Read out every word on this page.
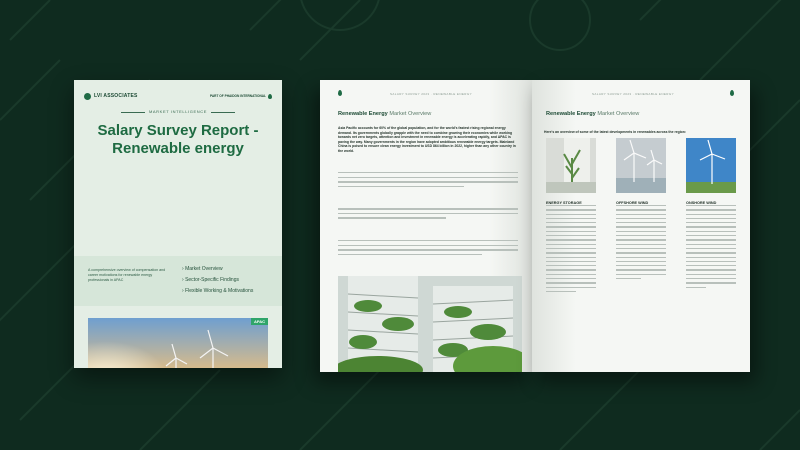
LVI ASSOCIATES	PART OF PHAIDON INTERNATIONAL
MARKET INTELLIGENCE
Salary Survey Report -
Renewable energy
A comprehensive overview of compensation and career motivations for renewable energy professionals in APAC
› Market Overview
› Sector-Specific Findings
› Flexible Working & Motivations
APAC
SALARY SURVEY 2023 · RENEWABLE ENERGY
Renewable Energy Market Overview
Asia Pacific accounts for 60% of the global population, and for the world's fastest rising regional energy demand. Its governments globally grapple with the need to combine growing their economies while working towards net zero targets, attention and investment in renewable energy is accelerating rapidly, and APAC is paving the way. Many governments in the region have adopted ambitious renewable energy targets. Mainland China is poised to ensure clean energy investment to USD 864 billion in 2022, higher than any other country in the world.

SALARY SURVEY 2023 · RENEWABLE ENERGY
Renewable Energy Market Overview
Here's an overview of some of the latest developments in renewables across the region:
ENERGY STORAGE	OFFSHORE WIND	ONSHORE WIND
